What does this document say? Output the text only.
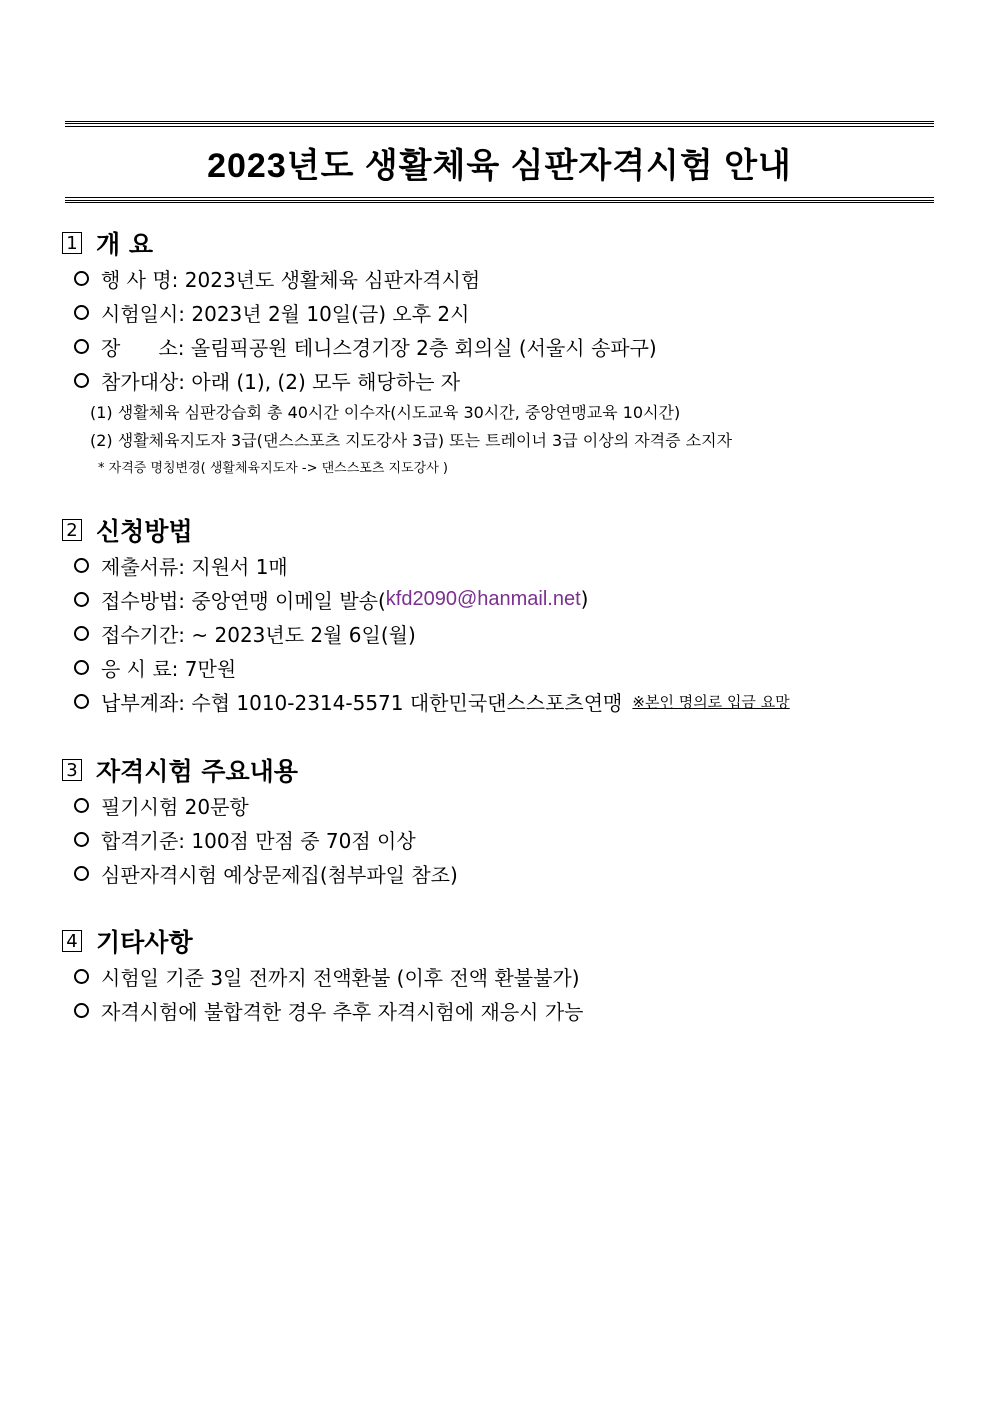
2023년도 생활체육 심판자격시험 안내
1 개 요
행 사 명: 2023년도 생활체육 심판자격시험
시험일시: 2023년 2월 10일(금) 오후 2시
장      소: 올림픽공원 테니스경기장 2층 회의실 (서울시 송파구)
참가대상: 아래 (1), (2) 모두 해당하는 자
(1) 생활체육 심판강습회 총 40시간 이수자(시도교육 30시간, 중앙연맹교육 10시간)
(2) 생활체육지도자 3급(댄스스포츠 지도강사 3급) 또는 트레이너 3급 이상의 자격증 소지자
* 자격증 명칭변경( 생활체육지도자 -> 댄스스포츠 지도강사 )
2 신청방법
제출서류: 지원서 1매
접수방법: 중앙연맹 이메일 발송( kfd2090@hanmail.net )
접수기간: ~ 2023년도 2월 6일(월)
응 시 료: 7만원
납부계좌: 수협 1010-2314-5571 대한민국댄스스포츠연맹 ※본인 명의로 입금 요망
3 자격시험 주요내용
필기시험 20문항
합격기준: 100점 만점 중 70점 이상
심판자격시험 예상문제집(첨부파일 참조)
4 기타사항
시험일 기준 3일 전까지 전액환불 (이후 전액 환불불가)
자격시험에 불합격한 경우 추후 자격시험에 재응시 가능
